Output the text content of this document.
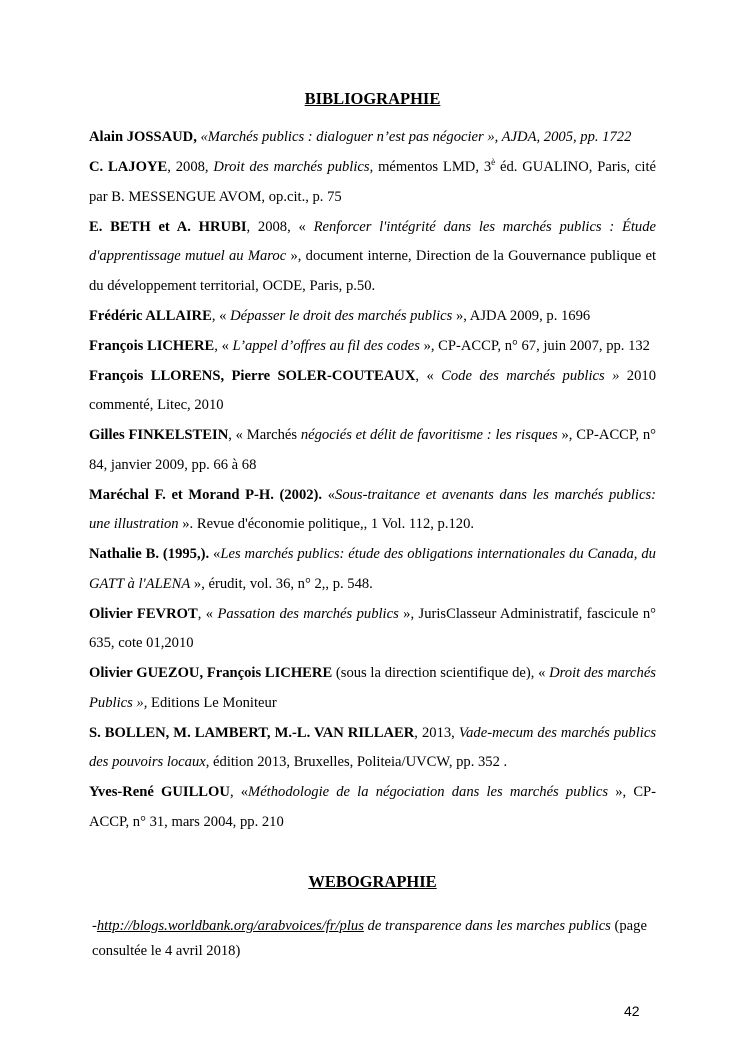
BIBLIOGRAPHIE

Alain JOSSAUD, «Marchés publics : dialoguer n’est pas négocier », AJDA, 2005, pp. 1722

C. LAJOYE, 2008, Droit des marchés publics, mémentos LMD, $3^è$ éd. GUALINO, Paris, cité par B. MESSENGUE AVOM, op.cit., p. 75

E. BETH et A. HRUBI, 2008, « Renforcer l'intégrité dans les marchés publics : Étude d'apprentissage mutuel au Maroc », document interne, Direction de la Gouvernance publique et du développement territorial, OCDE, Paris, p.50.

Frédéric ALLAIRE, « Dépasser le droit des marchés publics », AJDA 2009, p. 1696

François LICHERE, « L’appel d’offres au fil des codes », CP-ACCP, n° 67, juin 2007, pp. 132

François LLORENS, Pierre SOLER-COUTEAUX, « Code des marchés publics » 2010 commenté, Litec, 2010

Gilles FINKELSTEIN, « Marchés négociés et délit de favoritisme : les risques », CP-ACCP, n° 84, janvier 2009, pp. 66 à 68

Maréchal F. et Morand P-H. (2002). «Sous-traitance et avenants dans les marchés publics: une illustration ». Revue d'économie politique,, 1 Vol. 112, p.120.

Nathalie B. (1995,). «Les marchés publics: étude des obligations internationales du Canada, du GATT à l'ALENA », érudit, vol. 36, n° 2,, p. 548.

Olivier FEVROT, « Passation des marchés publics », JurisClasseur Administratif, fascicule n° 635, cote 01,2010

Olivier GUEZOU, François LICHERE (sous la direction scientifique de), « Droit des marchés Publics », Editions Le Moniteur

S. BOLLEN, M. LAMBERT, M.-L. VAN RILLAER, 2013, Vade-mecum des marchés publics des pouvoirs locaux, édition 2013, Bruxelles, Politeia/UVCW, pp. 352 .

Yves-René GUILLOU, «Méthodologie de la négociation dans les marchés publics », CP-ACCP, n° 31, mars 2004, pp. 210

WEBOGRAPHIE
-http://blogs.worldbank.org/arabvoices/fr/plus de transparence dans les marches publics (page consultée le 4 avril 2018)
42
